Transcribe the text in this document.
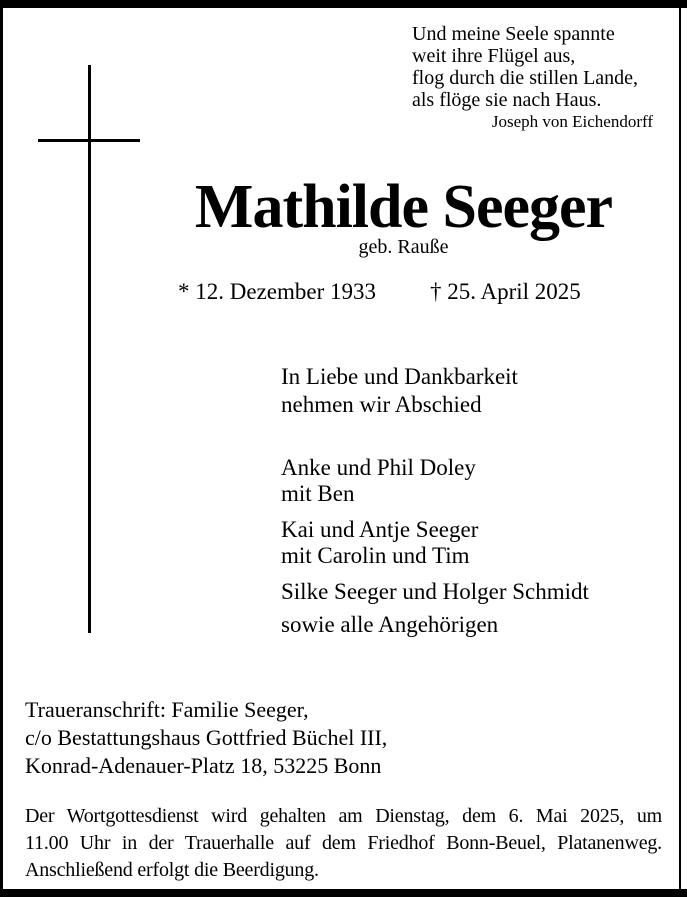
Und meine Seele spannte
weit ihre Flügel aus,
flog durch die stillen Lande,
als flöge sie nach Haus.
Joseph von Eichendorff
Mathilde Seeger
geb. Rauße
* 12. Dezember 1933 † 25. April 2025
In Liebe und Dankbarkeit
nehmen wir Abschied
Anke und Phil Doley
mit Ben
Kai und Antje Seeger
mit Carolin und Tim
Silke Seeger und Holger Schmidt
sowie alle Angehörigen
Traueranschrift: Familie Seeger,
c/o Bestattungshaus Gottfried Büchel III,
Konrad-Adenauer-Platz 18, 53225 Bonn
Der Wortgottesdienst wird gehalten am Dienstag, dem 6. Mai 2025, um
11.00 Uhr in der Trauerhalle auf dem Friedhof Bonn-Beuel, Platanenweg.
Anschließend erfolgt die Beerdigung.
